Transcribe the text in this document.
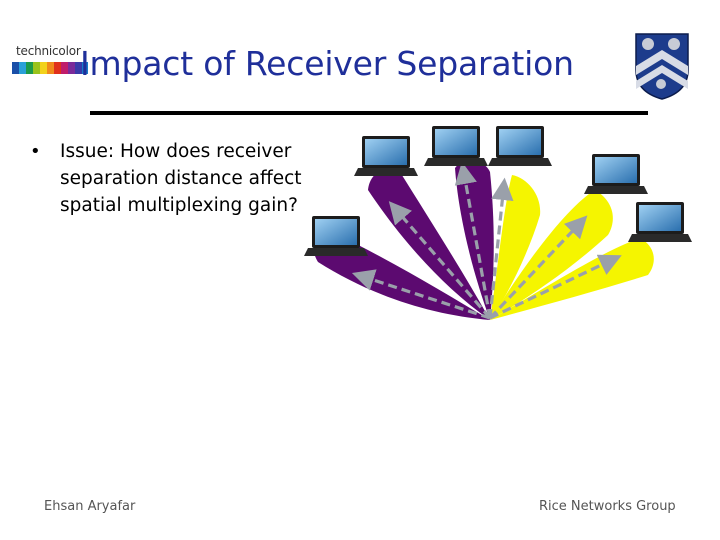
technicolor Impact of Receiver Separation
• Issue: How does receiver
separation distance affect
spatial multiplexing gain?
Ehsan Aryafar	Rice Networks Group
